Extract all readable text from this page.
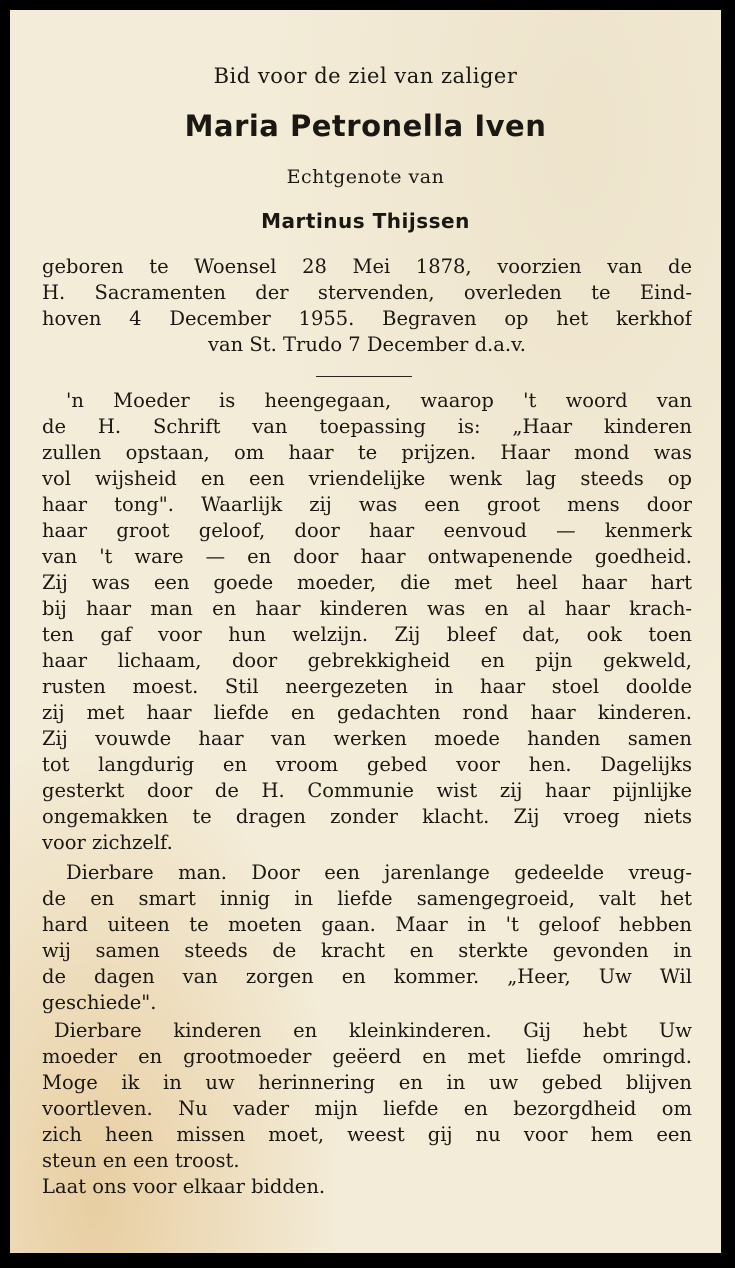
Bid voor de ziel van zaliger
Maria Petronella Iven
Echtgenote van
Martinus Thijssen
geboren te Woensel 28 Mei 1878, voorzien van de
H. Sacramenten der stervenden, overleden te Eind-
hoven 4 December 1955. Begraven op het kerkhof
van St. Trudo 7 December d.a.v.
'n Moeder is heengegaan, waarop 't woord van
de H. Schrift van toepassing is: „Haar kinderen
zullen opstaan, om haar te prijzen. Haar mond was
vol wijsheid en een vriendelijke wenk lag steeds op
haar tong". Waarlijk zij was een groot mens door
haar groot geloof, door haar eenvoud — kenmerk
van 't ware — en door haar ontwapenende goedheid.
Zij was een goede moeder, die met heel haar hart
bij haar man en haar kinderen was en al haar krach-
ten gaf voor hun welzijn. Zij bleef dat, ook toen
haar lichaam, door gebrekkigheid en pijn gekweld,
rusten moest. Stil neergezeten in haar stoel doolde
zij met haar liefde en gedachten rond haar kinderen.
Zij vouwde haar van werken moede handen samen
tot langdurig en vroom gebed voor hen. Dagelijks
gesterkt door de H. Communie wist zij haar pijnlijke
ongemakken te dragen zonder klacht. Zij vroeg niets
voor zichzelf.
Dierbare man. Door een jarenlange gedeelde vreug-
de en smart innig in liefde samengegroeid, valt het
hard uiteen te moeten gaan. Maar in 't geloof hebben
wij samen steeds de kracht en sterkte gevonden in
de dagen van zorgen en kommer. „Heer, Uw Wil
geschiede".
Dierbare kinderen en kleinkinderen. Gij hebt Uw
moeder en grootmoeder geëerd en met liefde omringd.
Moge ik in uw herinnering en in uw gebed blijven
voortleven. Nu vader mijn liefde en bezorgdheid om
zich heen missen moet, weest gij nu voor hem een
steun en een troost.
Laat ons voor elkaar bidden.
